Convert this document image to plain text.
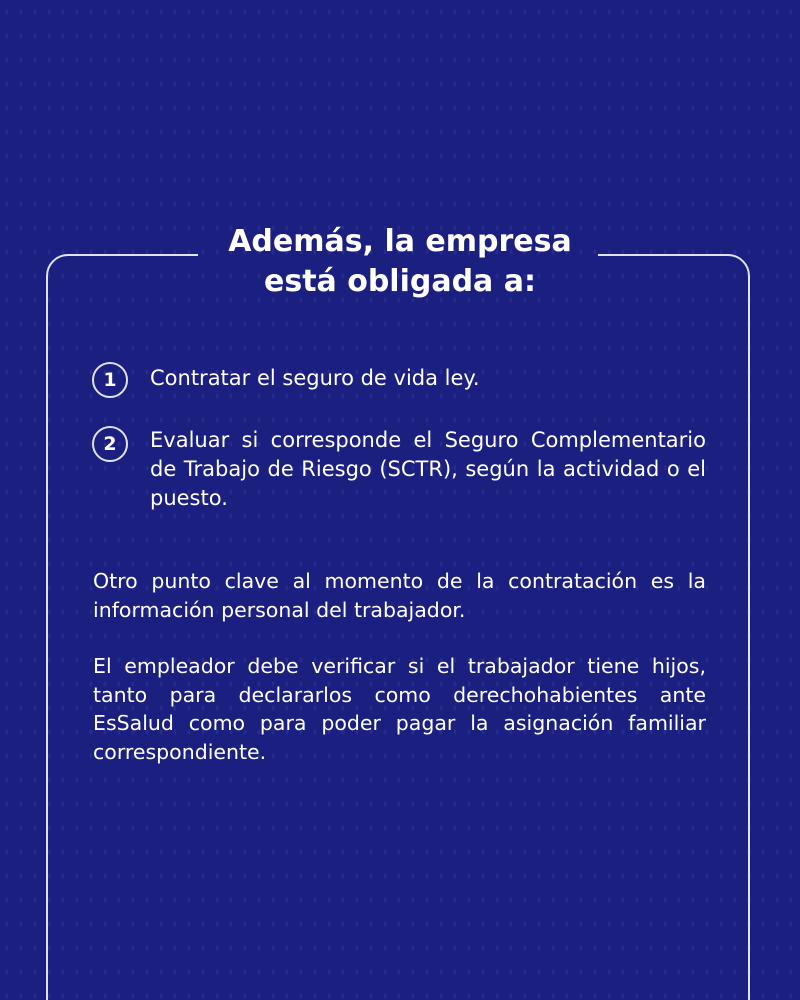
Además, la empresa
está obligada a:
1	Contratar el seguro de vida ley.
2	Evaluar si corresponde el Seguro Complementario de Trabajo de Riesgo (SCTR), según la actividad o el puesto.

Otro punto clave al momento de la contratación es la información personal del trabajador.

El empleador debe verificar si el trabajador tiene hijos, tanto para declararlos como derechohabientes ante EsSalud como para poder pagar la asignación familiar correspondiente.
